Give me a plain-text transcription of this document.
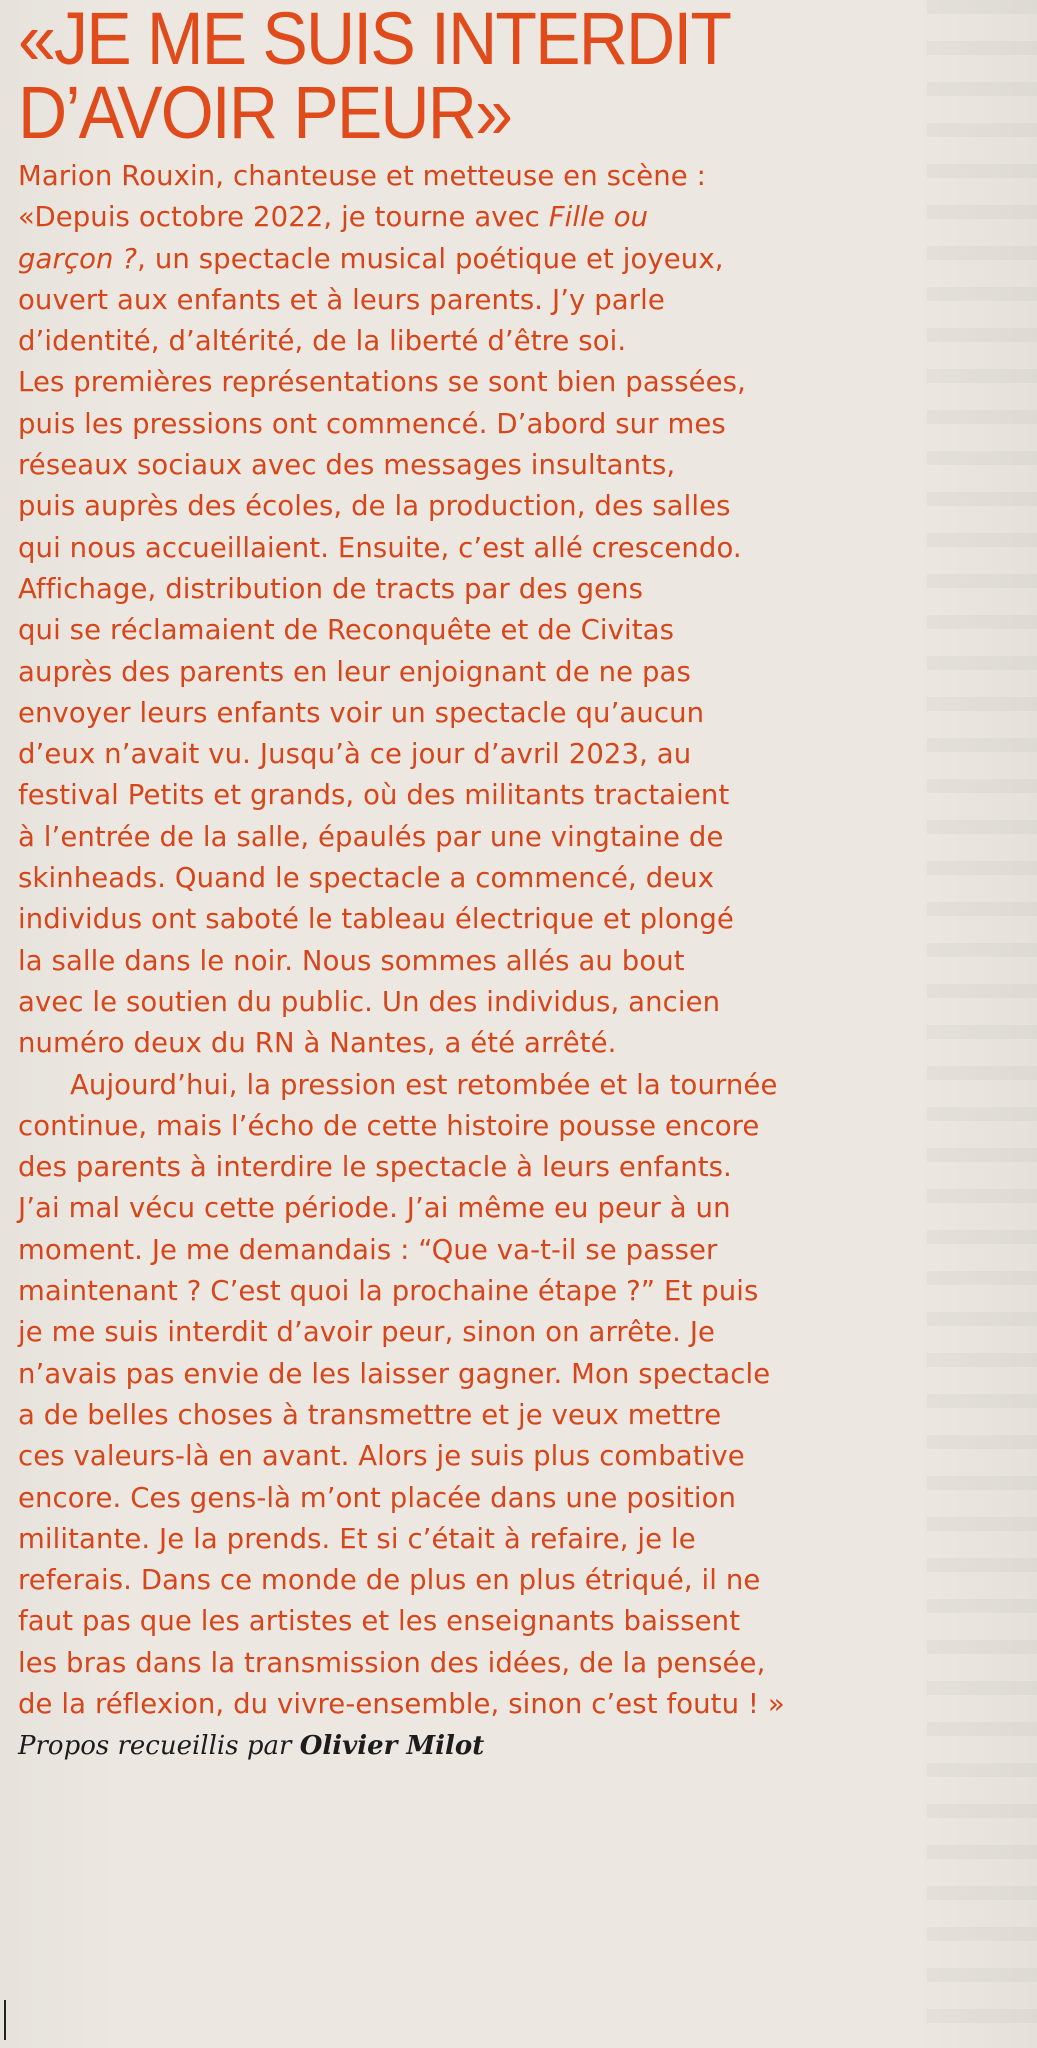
«JE ME SUIS INTERDIT
D’AVOIR PEUR»
Marion Rouxin, chanteuse et metteuse en scène :
«Depuis octobre 2022, je tourne avec Fille ou
garçon ?, un spectacle musical poétique et joyeux,
ouvert aux enfants et à leurs parents. J’y parle
d’identité, d’altérité, de la liberté d’être soi.
Les premières représentations se sont bien passées,
puis les pressions ont commencé. D’abord sur mes
réseaux sociaux avec des messages insultants,
puis auprès des écoles, de la production, des salles
qui nous accueillaient. Ensuite, c’est allé crescendo.
Affichage, distribution de tracts par des gens
qui se réclamaient de Reconquête et de Civitas
auprès des parents en leur enjoignant de ne pas
envoyer leurs enfants voir un spectacle qu’aucun
d’eux n’avait vu. Jusqu’à ce jour d’avril 2023, au
festival Petits et grands, où des militants tractaient
à l’entrée de la salle, épaulés par une vingtaine de
skinheads. Quand le spectacle a commencé, deux
individus ont saboté le tableau électrique et plongé
la salle dans le noir. Nous sommes allés au bout
avec le soutien du public. Un des individus, ancien
numéro deux du RN à Nantes, a été arrêté.
Aujourd’hui, la pression est retombée et la tournée
continue, mais l’écho de cette histoire pousse encore
des parents à interdire le spectacle à leurs enfants.
J’ai mal vécu cette période. J’ai même eu peur à un
moment. Je me demandais : “Que va-t-il se passer
maintenant ? C’est quoi la prochaine étape ?” Et puis
je me suis interdit d’avoir peur, sinon on arrête. Je
n’avais pas envie de les laisser gagner. Mon spectacle
a de belles choses à transmettre et je veux mettre
ces valeurs-là en avant. Alors je suis plus combative
encore. Ces gens-là m’ont placée dans une position
militante. Je la prends. Et si c’était à refaire, je le
referais. Dans ce monde de plus en plus étriqué, il ne
faut pas que les artistes et les enseignants baissent
les bras dans la transmission des idées, de la pensée,
de la réflexion, du vivre-ensemble, sinon c’est foutu ! »
Propos recueillis par Olivier Milot
